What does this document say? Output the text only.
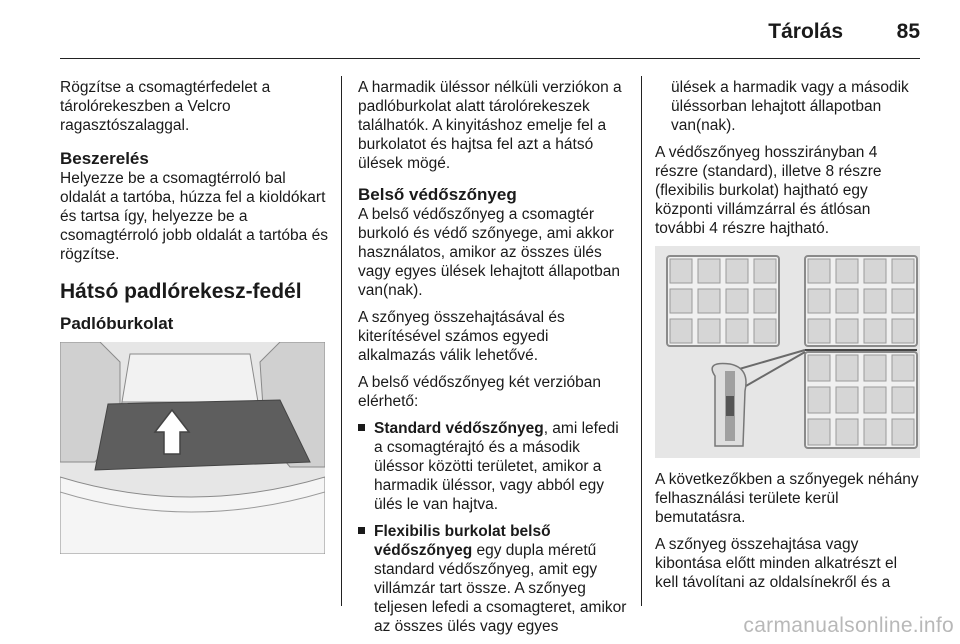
Tárolás	85

Rögzítse a csomagtérfedelet a tárolórekeszben a Velcro ragasztószalaggal.

Beszerelés

Helyezze be a csomagtérroló bal oldalát a tartóba, húzza fel a kioldókart és tartsa így, helyezze be a csomagtérroló jobb oldalát a tartóba és rögzítse.

Hátsó padlórekesz-fedél
Padlóburkolat

A harmadik üléssor nélküli verziókon a padlóburkolat alatt tárolórekeszek találhatók. A kinyitáshoz emelje fel a burkolatot és hajtsa fel azt a hátsó ülések mögé.

Belső védőszőnyeg

A belső védőszőnyeg a csomagtér burkoló és védő szőnyege, ami akkor használatos, amikor az összes ülés vagy egyes ülések lehajtott állapotban van(nak).

A szőnyeg összehajtásával és kiterítésével számos egyedi alkalmazás válik lehetővé.

A belső védőszőnyeg két verzióban elérhető:

Standard védőszőnyeg, ami lefedi a csomagtérajtó és a második üléssor közötti területet, amikor a harmadik üléssor, vagy abból egy ülés le van hajtva.
Flexibilis burkolat belső védőszőnyeg egy dupla méretű standard védőszőnyeg, amit egy villámzár tart össze. A szőnyeg teljesen lefedi a csomagteret, amikor az összes ülés vagy egyes

ülések a harmadik vagy a második üléssorban lehajtott állapotban van(nak).

A védőszőnyeg hosszirányban 4 részre (standard), illetve 8 részre (flexibilis burkolat) hajtható egy központi villámzárral és átlósan további 4 részre hajtható.

A következőkben a szőnyegek néhány felhasználási területe kerül bemutatásra.

A szőnyeg összehajtása vagy kibontása előtt minden alkatrészt el kell távolítani az oldalsínekről és a

carmanualsonline.info
